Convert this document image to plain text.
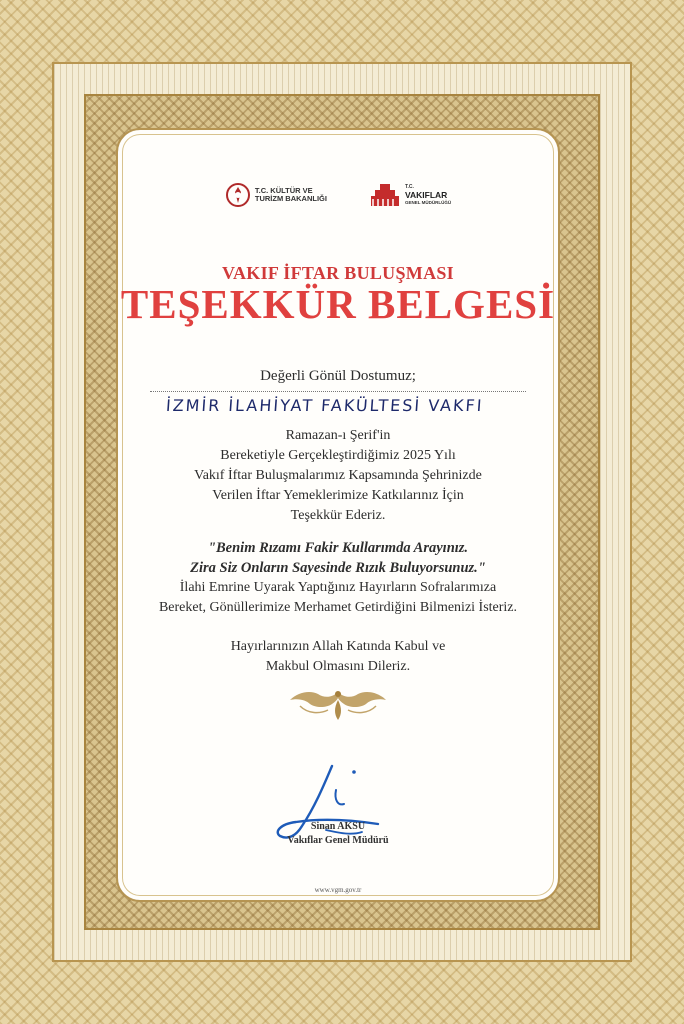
T.C. KÜLTÜR VE
TURİZM BAKANLIĞI
T.C.
VAKIFLAR
GENEL MÜDÜRLÜĞÜ
VAKIF İFTAR BULUŞMASI
TEŞEKKÜR BELGESİ
Değerli Gönül Dostumuz;
İZMİR İLAHİYAT FAKÜLTESİ VAKFI
Ramazan-ı Şerif'in
Bereketiyle Gerçekleştirdiğimiz 2025 Yılı
Vakıf İftar Buluşmalarımız Kapsamında Şehrinizde
Verilen İftar Yemeklerimize Katkılarınız İçin
Teşekkür Ederiz.
"Benim Rızamı Fakir Kullarımda Arayınız.
Zira Siz Onların Sayesinde Rızık Buluyorsunuz."
İlahi Emrine Uyarak Yaptığınız Hayırların Sofralarımıza
Bereket, Gönüllerimize Merhamet Getirdiğini Bilmenizi İsteriz.
Hayırlarınızın Allah Katında Kabul ve
Makbul Olmasını Dileriz.
Sinan AKSU
Vakıflar Genel Müdürü
www.vgm.gov.tr
